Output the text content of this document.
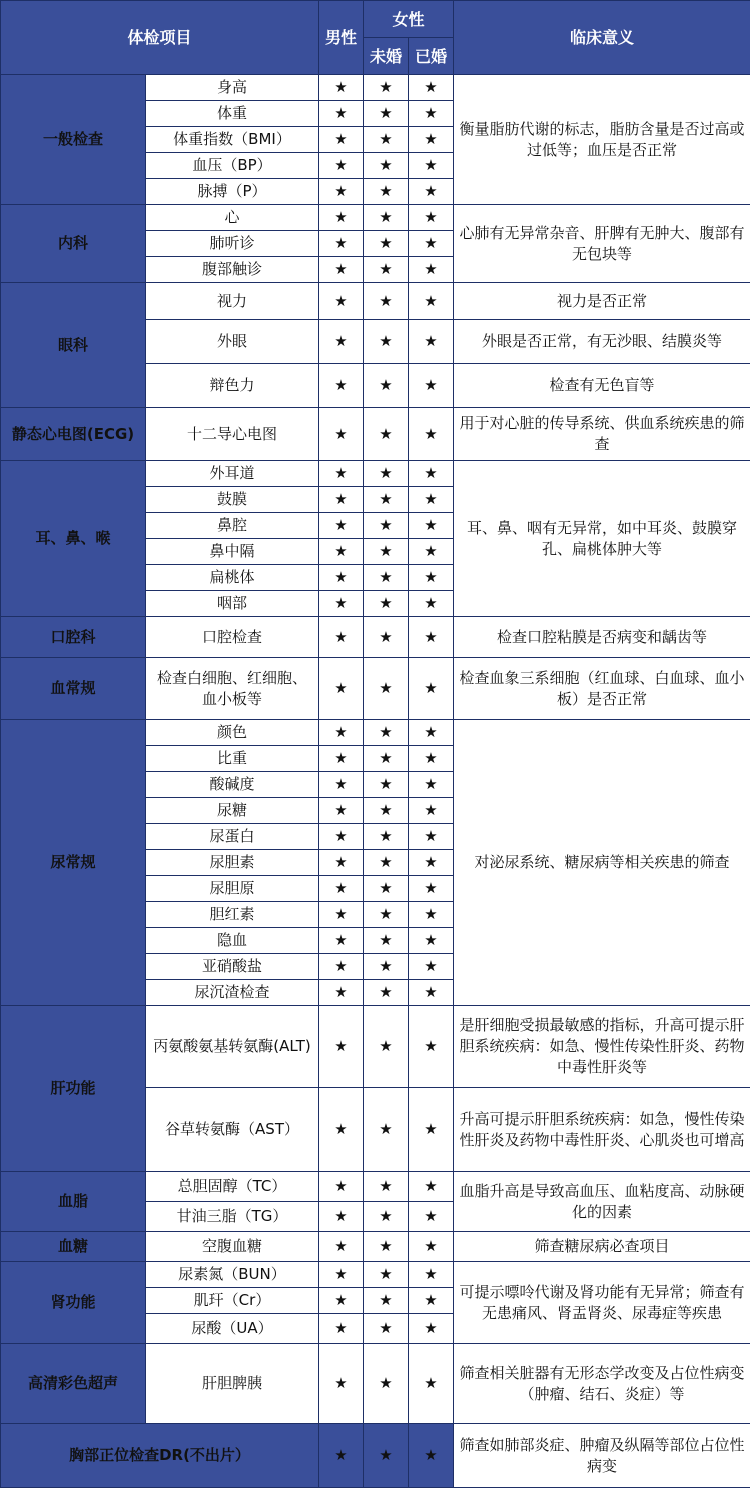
体检项目		男性	女性		临床意义
			未婚	已婚	
一般检查	身高	★	★	★	衡量脂肪代谢的标志，脂肪含量是否过高或过低等；血压是否正常
	体重	★	★	★	
	体重指数（BMI）	★	★	★	
	血压（BP）	★	★	★	
	脉搏（P）	★	★	★	
内科	心	★	★	★	心肺有无异常杂音、肝脾有无肿大、腹部有无包块等
	肺听诊	★	★	★	
	腹部触诊	★	★	★	
眼科	视力	★	★	★	视力是否正常
	外眼	★	★	★	外眼是否正常，有无沙眼、结膜炎等
	辩色力	★	★	★	检查有无色盲等
静态心电图(ECG)	十二导心电图	★	★	★	用于对心脏的传导系统、供血系统疾患的筛查
耳、鼻、喉	外耳道	★	★	★	耳、鼻、咽有无异常，如中耳炎、鼓膜穿孔、扁桃体肿大等
	鼓膜	★	★	★	
	鼻腔	★	★	★	
	鼻中隔	★	★	★	
	扁桃体	★	★	★	
	咽部	★	★	★	
口腔科	口腔检查	★	★	★	检查口腔粘膜是否病变和龋齿等
血常规	检查白细胞、红细胞、血小板等	★	★	★	检查血象三系细胞（红血球、白血球、血小板）是否正常
尿常规	颜色	★	★	★	对泌尿系统、糖尿病等相关疾患的筛查
	比重	★	★	★	
	酸碱度	★	★	★	
	尿糖	★	★	★	
	尿蛋白	★	★	★	
	尿胆素	★	★	★	
	尿胆原	★	★	★	
	胆红素	★	★	★	
	隐血	★	★	★	
	亚硝酸盐	★	★	★	
	尿沉渣检查	★	★	★	
肝功能	丙氨酸氨基转氨酶(ALT)	★	★	★	是肝细胞受损最敏感的指标，升高可提示肝胆系统疾病：如急、慢性传染性肝炎、药物中毒性肝炎等
	谷草转氨酶（AST）	★	★	★	升高可提示肝胆系统疾病：如急，慢性传染性肝炎及药物中毒性肝炎、心肌炎也可增高
血脂	总胆固醇（TC）	★	★	★	血脂升高是导致高血压、血粘度高、动脉硬化的因素
	甘油三脂（TG）	★	★	★	
血糖	空腹血糖	★	★	★	筛查糖尿病必查项目
肾功能	尿素氮（BUN）	★	★	★	可提示嘌呤代谢及肾功能有无异常；筛查有无患痛风、肾盂肾炎、尿毒症等疾患
	肌玕（Cr）	★	★	★	
	尿酸（UA）	★	★	★	
高清彩色超声	肝胆脾胰	★	★	★	筛查相关脏器有无形态学改变及占位性病变（肿瘤、结石、炎症）等
胸部正位检查DR(不出片）		★	★	★	筛查如肺部炎症、肿瘤及纵隔等部位占位性病变
